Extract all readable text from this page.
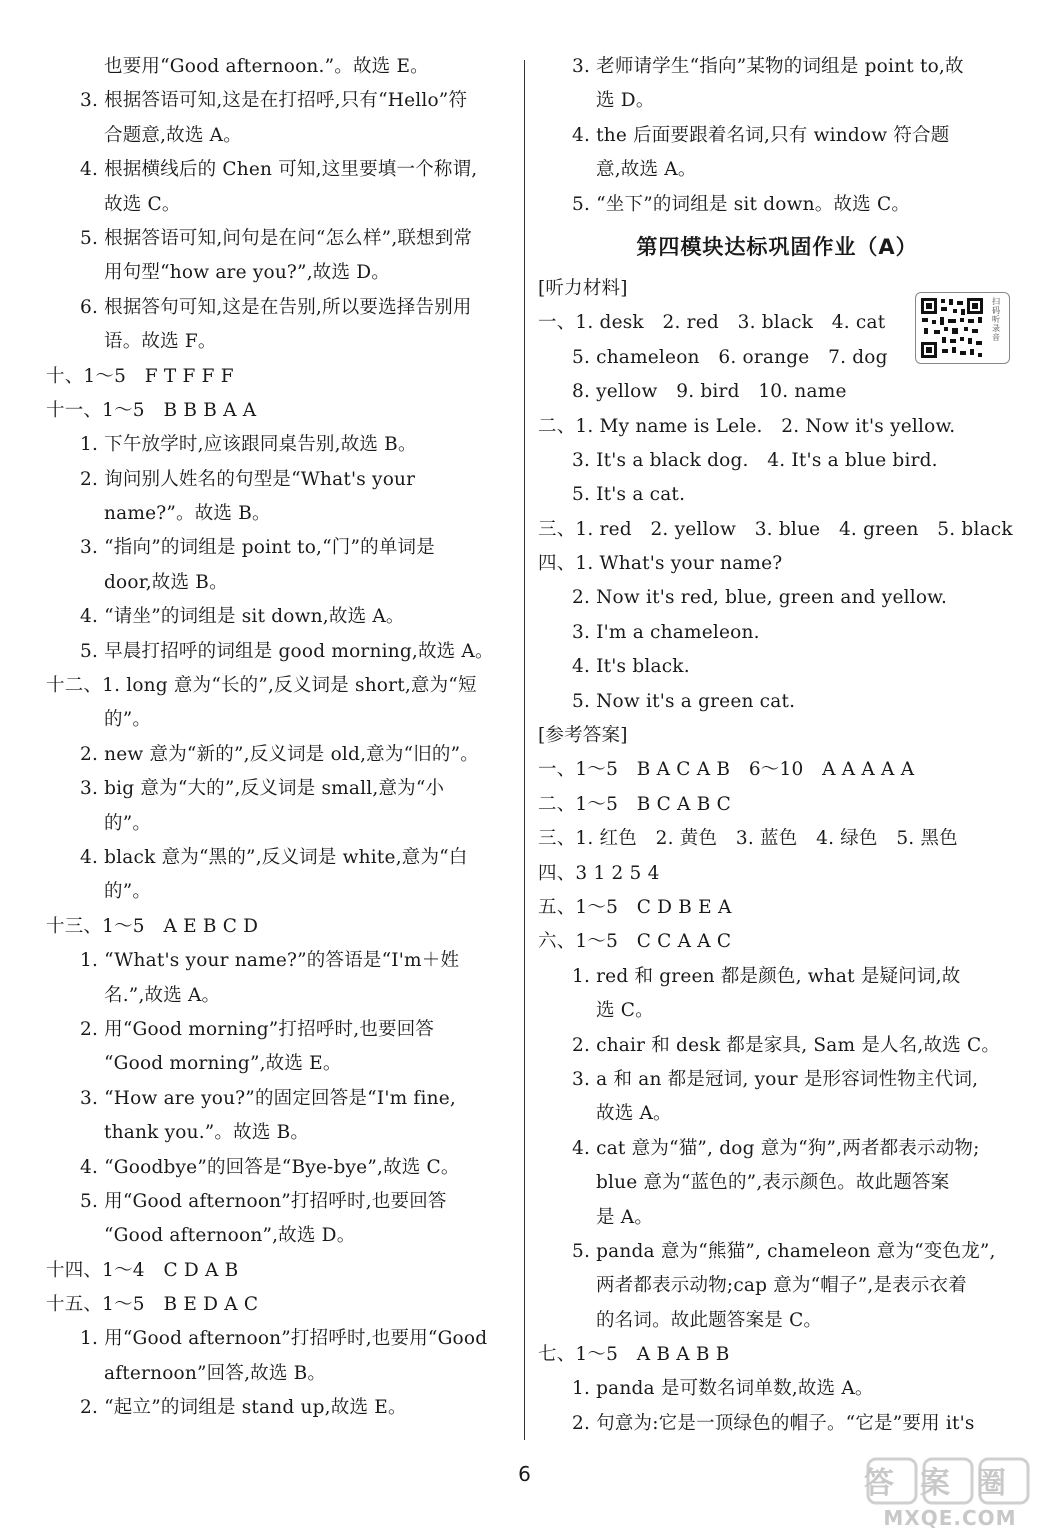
也要用“Good afternoon.”。故选 E。
3. 根据答语可知,这是在打招呼,只有“Hello”符
合题意,故选 A。
4. 根据横线后的 Chen 可知,这里要填一个称谓,
故选 C。
5. 根据答语可知,问句是在问“怎么样”,联想到常
用句型“how are you?”,故选 D。
6. 根据答句可知,这是在告别,所以要选择告别用
语。故选 F。
十、1～5　F T F F F
十一、1～5　B B B A A
1. 下午放学时,应该跟同桌告别,故选 B。
2. 询问别人姓名的句型是“What's your
name?”。故选 B。
3. “指向”的词组是 point to,“门”的单词是
door,故选 B。
4. “请坐”的词组是 sit down,故选 A。
5. 早晨打招呼的词组是 good morning,故选 A。
十二、1. long 意为“长的”,反义词是 short,意为“短
的”。
2. new 意为“新的”,反义词是 old,意为“旧的”。
3. big 意为“大的”,反义词是 small,意为“小
的”。
4. black 意为“黑的”,反义词是 white,意为“白
的”。
十三、1～5　A E B C D
1. “What's your name?”的答语是“I'm＋姓
名.”,故选 A。
2. 用“Good morning”打招呼时,也要回答
“Good morning”,故选 E。
3. “How are you?”的固定回答是“I'm fine,
thank you.”。故选 B。
4. “Goodbye”的回答是“Bye-bye”,故选 C。
5. 用“Good afternoon”打招呼时,也要回答
“Good afternoon”,故选 D。
十四、1～4　C D A B
十五、1～5　B E D A C
1. 用“Good afternoon”打招呼时,也要用“Good
afternoon”回答,故选 B。
2. “起立”的词组是 stand up,故选 E。
3. 老师请学生“指向”某物的词组是 point to,故
选 D。
4. the 后面要跟着名词,只有 window 符合题
意,故选 A。
5. “坐下”的词组是 sit down。故选 C。
第四模块达标巩固作业（A）
[听力材料]
一、1. desk　2. red　3. black　4. cat
5. chameleon　6. orange　7. dog
8. yellow　9. bird　10. name
二、1. My name is Lele.　2. Now it's yellow.
3. It's a black dog.　4. It's a blue bird.
5. It's a cat.
三、1. red　2. yellow　3. blue　4. green　5. black
四、1. What's your name?
2. Now it's red, blue, green and yellow.
3. I'm a chameleon.
4. It's black.
5. Now it's a green cat.
[参考答案]
一、1～5　B A C A B　6～10　A A A A A
二、1～5　B C A B C
三、1. 红色　2. 黄色　3. 蓝色　4. 绿色　5. 黑色
四、3 1 2 5 4
五、1～5　C D B E A
六、1～5　C C A A C
1. red 和 green 都是颜色, what 是疑问词,故
选 C。
2. chair 和 desk 都是家具, Sam 是人名,故选 C。
3. a 和 an 都是冠词, your 是形容词性物主代词,
故选 A。
4. cat 意为“猫”, dog 意为“狗”,两者都表示动物;
blue 意为“蓝色的”,表示颜色。故此题答案
是 A。
5. panda 意为“熊猫”, chameleon 意为“变色龙”,
两者都表示动物;cap 意为“帽子”,是表示衣着
的名词。故此题答案是 C。
七、1～5　A B A B B
1. panda 是可数名词单数,故选 A。
2. 句意为:它是一顶绿色的帽子。“它是”要用 it's
扫码听录音
6	答案圈
MXQE.COM
